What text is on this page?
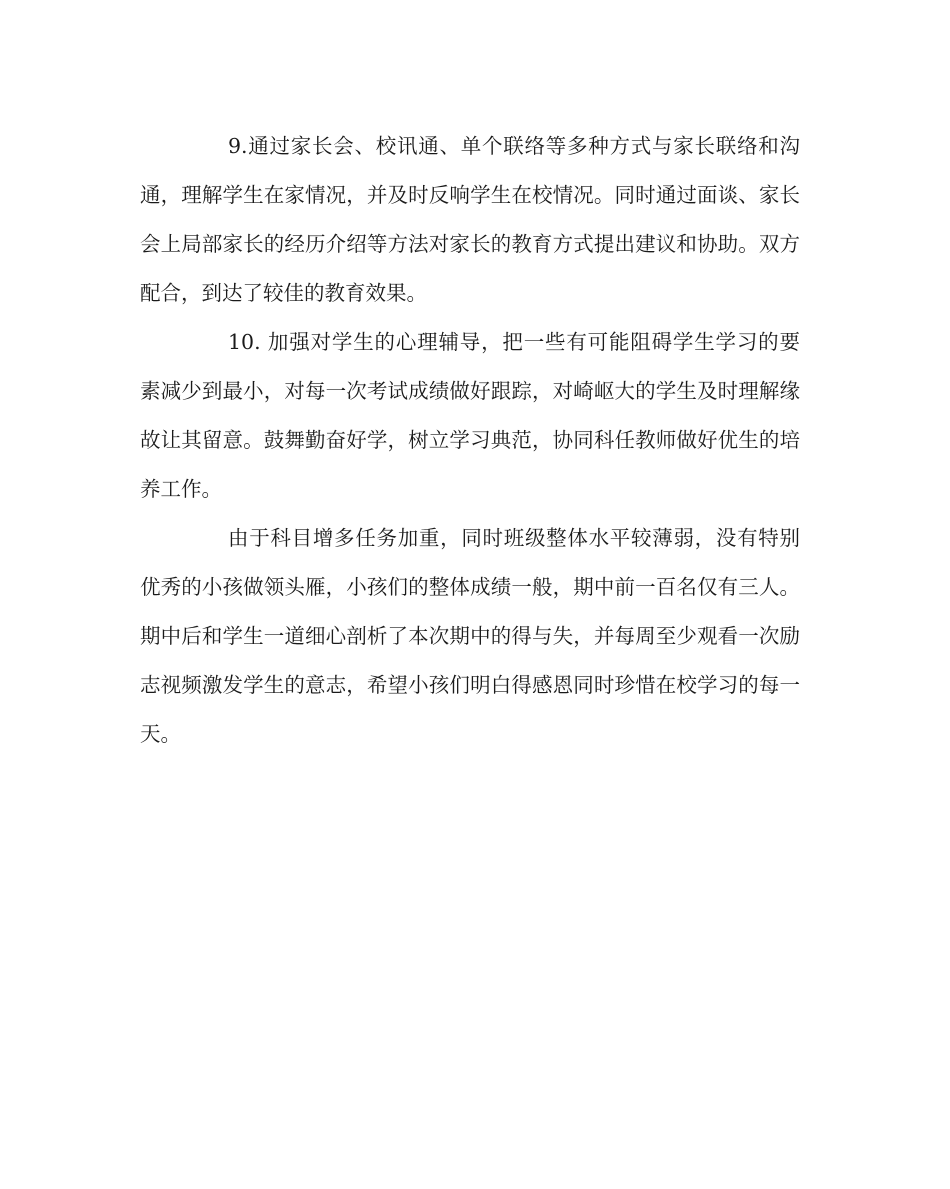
9.通过家长会、校讯通、单个联络等多种方式与家长联络和沟通，理解学生在家情况，并及时反响学生在校情况。同时通过面谈、家长会上局部家长的经历介绍等方法对家长的教育方式提出建议和协助。双方配合，到达了较佳的教育效果。

10. 加强对学生的心理辅导，把一些有可能阻碍学生学习的要素减少到最小，对每一次考试成绩做好跟踪，对崎岖大的学生及时理解缘故让其留意。鼓舞勤奋好学，树立学习典范，协同科任教师做好优生的培养工作。

由于科目增多任务加重，同时班级整体水平较薄弱，没有特别优秀的小孩做领头雁，小孩们的整体成绩一般，期中前一百名仅有三人。期中后和学生一道细心剖析了本次期中的得与失，并每周至少观看一次励志视频激发学生的意志，希望小孩们明白得感恩同时珍惜在校学习的每一天。
